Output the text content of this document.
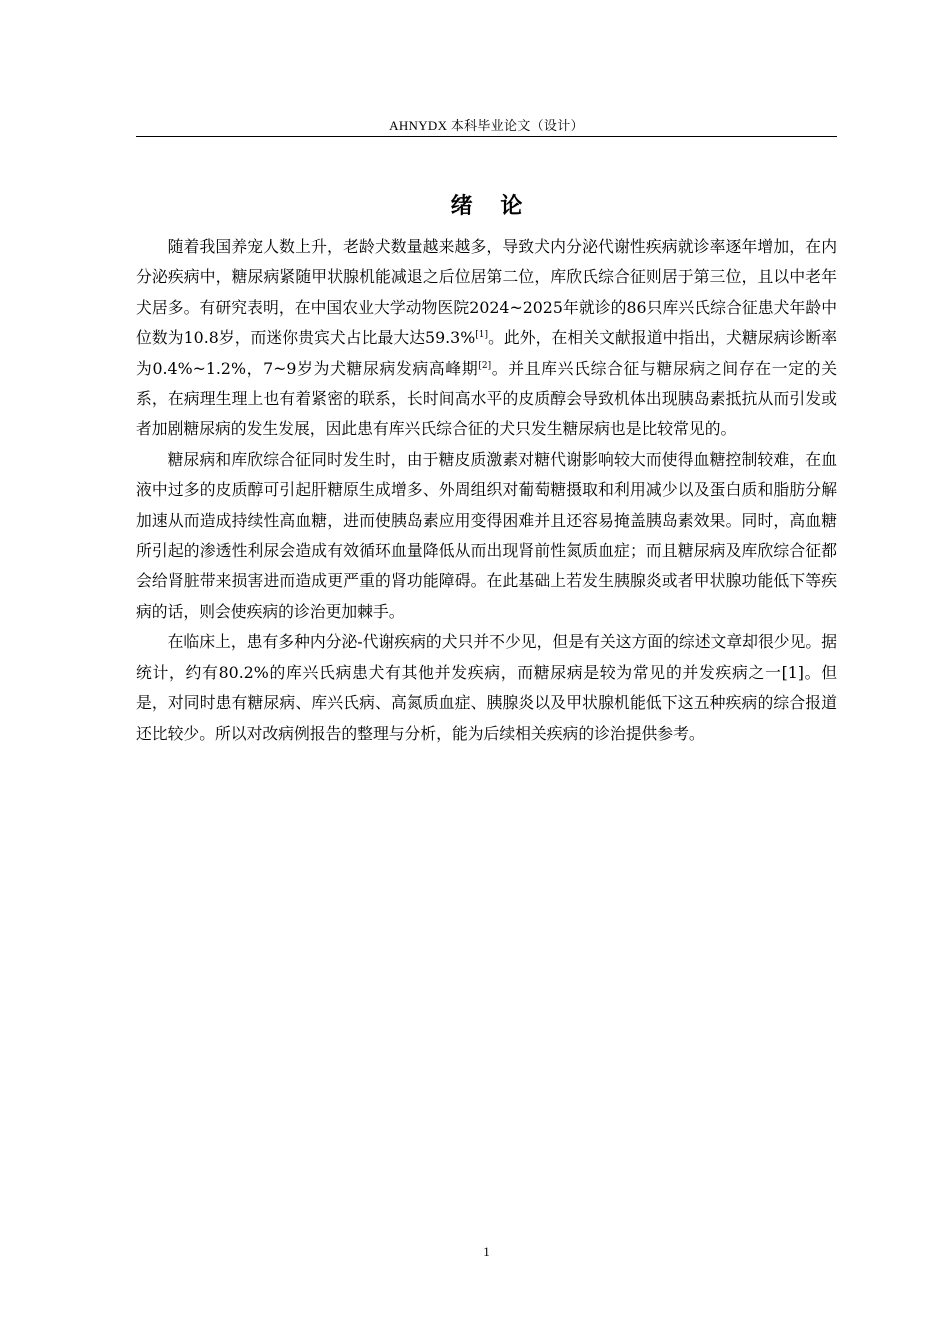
AHNYDX 本科毕业论文（设计）
绪 论

随着我国养宠人数上升，老龄犬数量越来越多，导致犬内分泌代谢性疾病就诊率逐年增加，在内分泌疾病中，糖尿病紧随甲状腺机能减退之后位居第二位，库欣氏综合征则居于第三位，且以中老年犬居多。有研究表明，在中国农业大学动物医院2024~2025年就诊的86只库兴氏综合征患犬年龄中位数为10.8岁，而迷你贵宾犬占比最大达59.3%[1]。此外，在相关文献报道中指出，犬糖尿病诊断率为0.4%~1.2%，7~9岁为犬糖尿病发病高峰期[2]。并且库兴氏综合征与糖尿病之间存在一定的关系，在病理生理上也有着紧密的联系，长时间高水平的皮质醇会导致机体出现胰岛素抵抗从而引发或者加剧糖尿病的发生发展，因此患有库兴氏综合征的犬只发生糖尿病也是比较常见的。

糖尿病和库欣综合征同时发生时，由于糖皮质激素对糖代谢影响较大而使得血糖控制较难，在血液中过多的皮质醇可引起肝糖原生成增多、外周组织对葡萄糖摄取和利用减少以及蛋白质和脂肪分解加速从而造成持续性高血糖，进而使胰岛素应用变得困难并且还容易掩盖胰岛素效果。同时，高血糖所引起的渗透性利尿会造成有效循环血量降低从而出现肾前性氮质血症；而且糖尿病及库欣综合征都会给肾脏带来损害进而造成更严重的肾功能障碍。在此基础上若发生胰腺炎或者甲状腺功能低下等疾病的话，则会使疾病的诊治更加棘手。

在临床上，患有多种内分泌-代谢疾病的犬只并不少见，但是有关这方面的综述文章却很少见。据统计，约有80.2%的库兴氏病患犬有其他并发疾病，而糖尿病是较为常见的并发疾病之一[1]。但是，对同时患有糖尿病、库兴氏病、高氮质血症、胰腺炎以及甲状腺机能低下这五种疾病的综合报道还比较少。所以对改病例报告的整理与分析，能为后续相关疾病的诊治提供参考。

1
